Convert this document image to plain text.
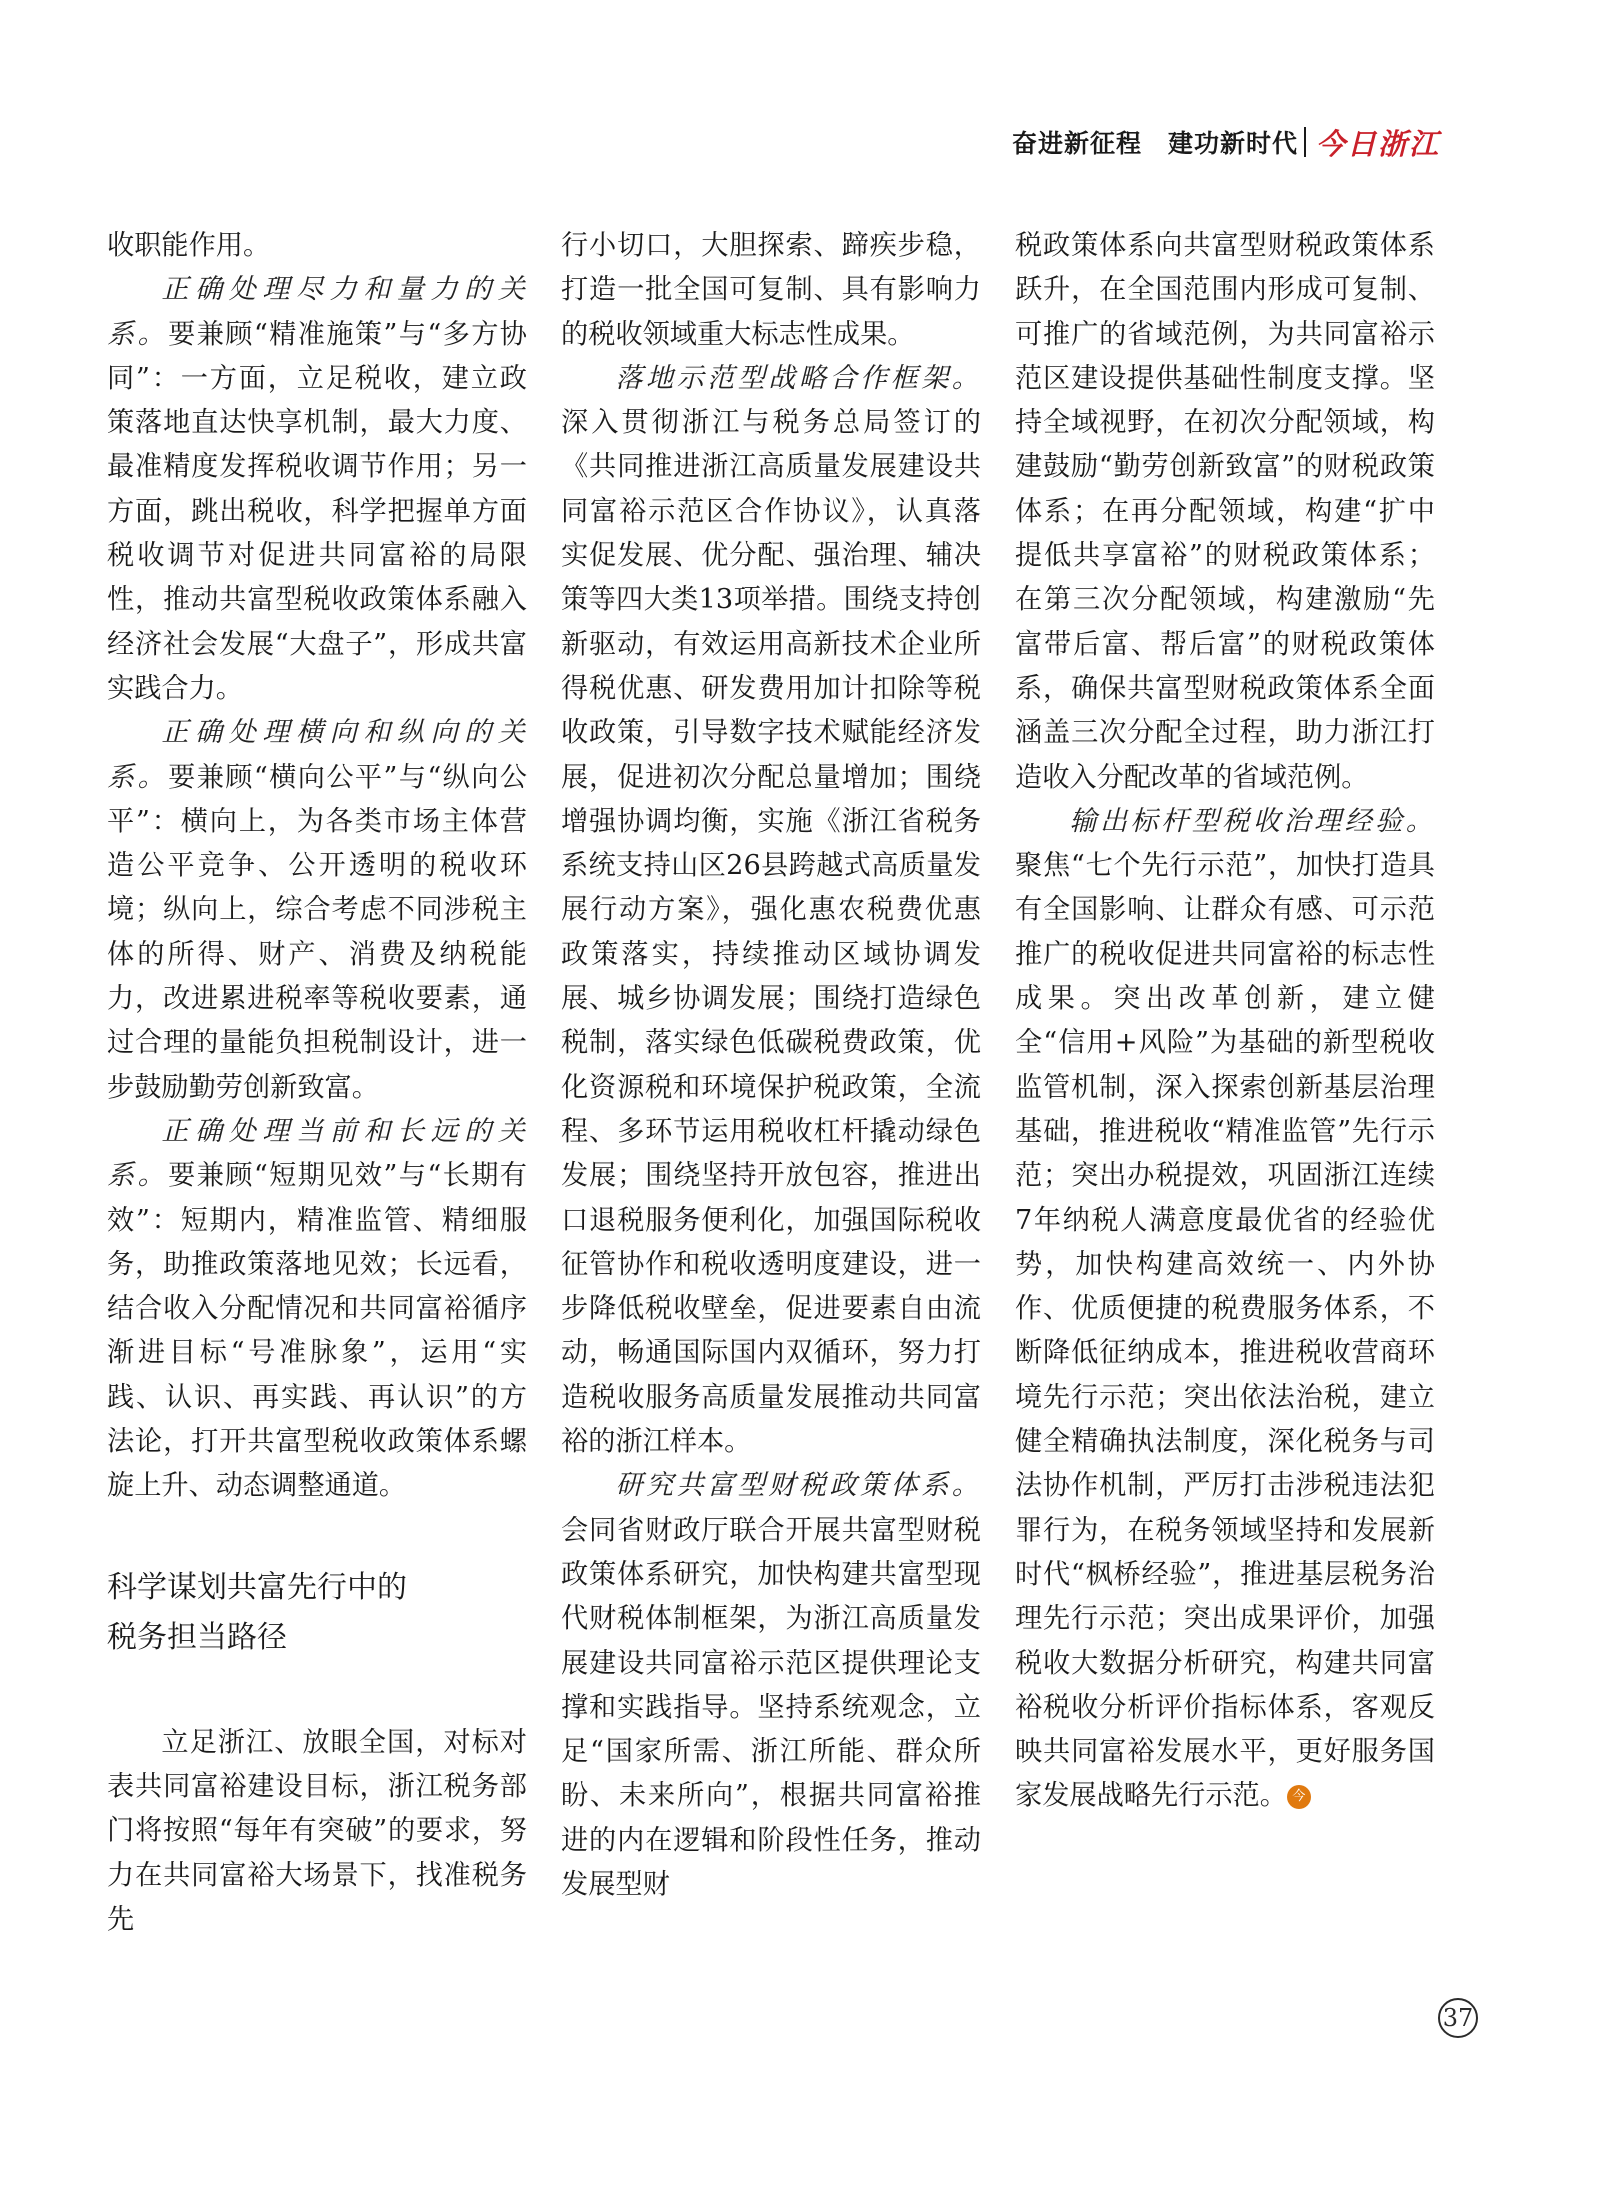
奋进新征程　建功新时代 今日浙江

收职能作用。

正确处理尽力和量力的关系。要兼顾“精准施策”与“多方协同”：一方面，立足税收，建立政策落地直达快享机制，最大力度、最准精度发挥税收调节作用；另一方面，跳出税收，科学把握单方面税收调节对促进共同富裕的局限性，推动共富型税收政策体系融入经济社会发展“大盘子”，形成共富实践合力。

正确处理横向和纵向的关系。要兼顾“横向公平”与“纵向公平”：横向上，为各类市场主体营造公平竞争、公开透明的税收环境；纵向上，综合考虑不同涉税主体的所得、财产、消费及纳税能力，改进累进税率等税收要素，通过合理的量能负担税制设计，进一步鼓励勤劳创新致富。

正确处理当前和长远的关系。要兼顾“短期见效”与“长期有效”：短期内，精准监管、精细服务，助推政策落地见效；长远看，结合收入分配情况和共同富裕循序渐进目标“号准脉象”，运用“实践、认识、再实践、再认识”的方法论，打开共富型税收政策体系螺旋上升、动态调整通道。

科学谋划共富先行中的
税务担当路径

立足浙江、放眼全国，对标对表共同富裕建设目标，浙江税务部门将按照“每年有突破”的要求，努力在共同富裕大场景下，找准税务先

行小切口，大胆探索、蹄疾步稳，打造一批全国可复制、具有影响力的税收领域重大标志性成果。

落地示范型战略合作框架。深入贯彻浙江与税务总局签订的《共同推进浙江高质量发展建设共同富裕示范区合作协议》，认真落实促发展、优分配、强治理、辅决策等四大类13项举措。围绕支持创新驱动，有效运用高新技术企业所得税优惠、研发费用加计扣除等税收政策，引导数字技术赋能经济发展，促进初次分配总量增加；围绕增强协调均衡，实施《浙江省税务系统支持山区26县跨越式高质量发展行动方案》，强化惠农税费优惠政策落实，持续推动区域协调发展、城乡协调发展；围绕打造绿色税制，落实绿色低碳税费政策，优化资源税和环境保护税政策，全流程、多环节运用税收杠杆撬动绿色发展；围绕坚持开放包容，推进出口退税服务便利化，加强国际税收征管协作和税收透明度建设，进一步降低税收壁垒，促进要素自由流动，畅通国际国内双循环，努力打造税收服务高质量发展推动共同富裕的浙江样本。

研究共富型财税政策体系。会同省财政厅联合开展共富型财税政策体系研究，加快构建共富型现代财税体制框架，为浙江高质量发展建设共同富裕示范区提供理论支撑和实践指导。坚持系统观念，立足“国家所需、浙江所能、群众所盼、未来所向”，根据共同富裕推进的内在逻辑和阶段性任务，推动发展型财

税政策体系向共富型财税政策体系跃升，在全国范围内形成可复制、可推广的省域范例，为共同富裕示范区建设提供基础性制度支撑。坚持全域视野，在初次分配领域，构建鼓励“勤劳创新致富”的财税政策体系；在再分配领域，构建“扩中提低共享富裕”的财税政策体系；在第三次分配领域，构建激励“先富带后富、帮后富”的财税政策体系，确保共富型财税政策体系全面涵盖三次分配全过程，助力浙江打造收入分配改革的省域范例。

输出标杆型税收治理经验。聚焦“七个先行示范”，加快打造具有全国影响、让群众有感、可示范推广的税收促进共同富裕的标志性成果。突出改革创新，建立健全“信用+风险”为基础的新型税收监管机制，深入探索创新基层治理基础，推进税收“精准监管”先行示范；突出办税提效，巩固浙江连续7年纳税人满意度最优省的经验优势，加快构建高效统一、内外协作、优质便捷的税费服务体系，不断降低征纳成本，推进税收营商环境先行示范；突出依法治税，建立健全精确执法制度，深化税务与司法协作机制，严厉打击涉税违法犯罪行为，在税务领域坚持和发展新时代“枫桥经验”，推进基层税务治理先行示范；突出成果评价，加强税收大数据分析研究，构建共同富裕税收分析评价指标体系，客观反映共同富裕发展水平，更好服务国家发展战略先行示范。 今

37
